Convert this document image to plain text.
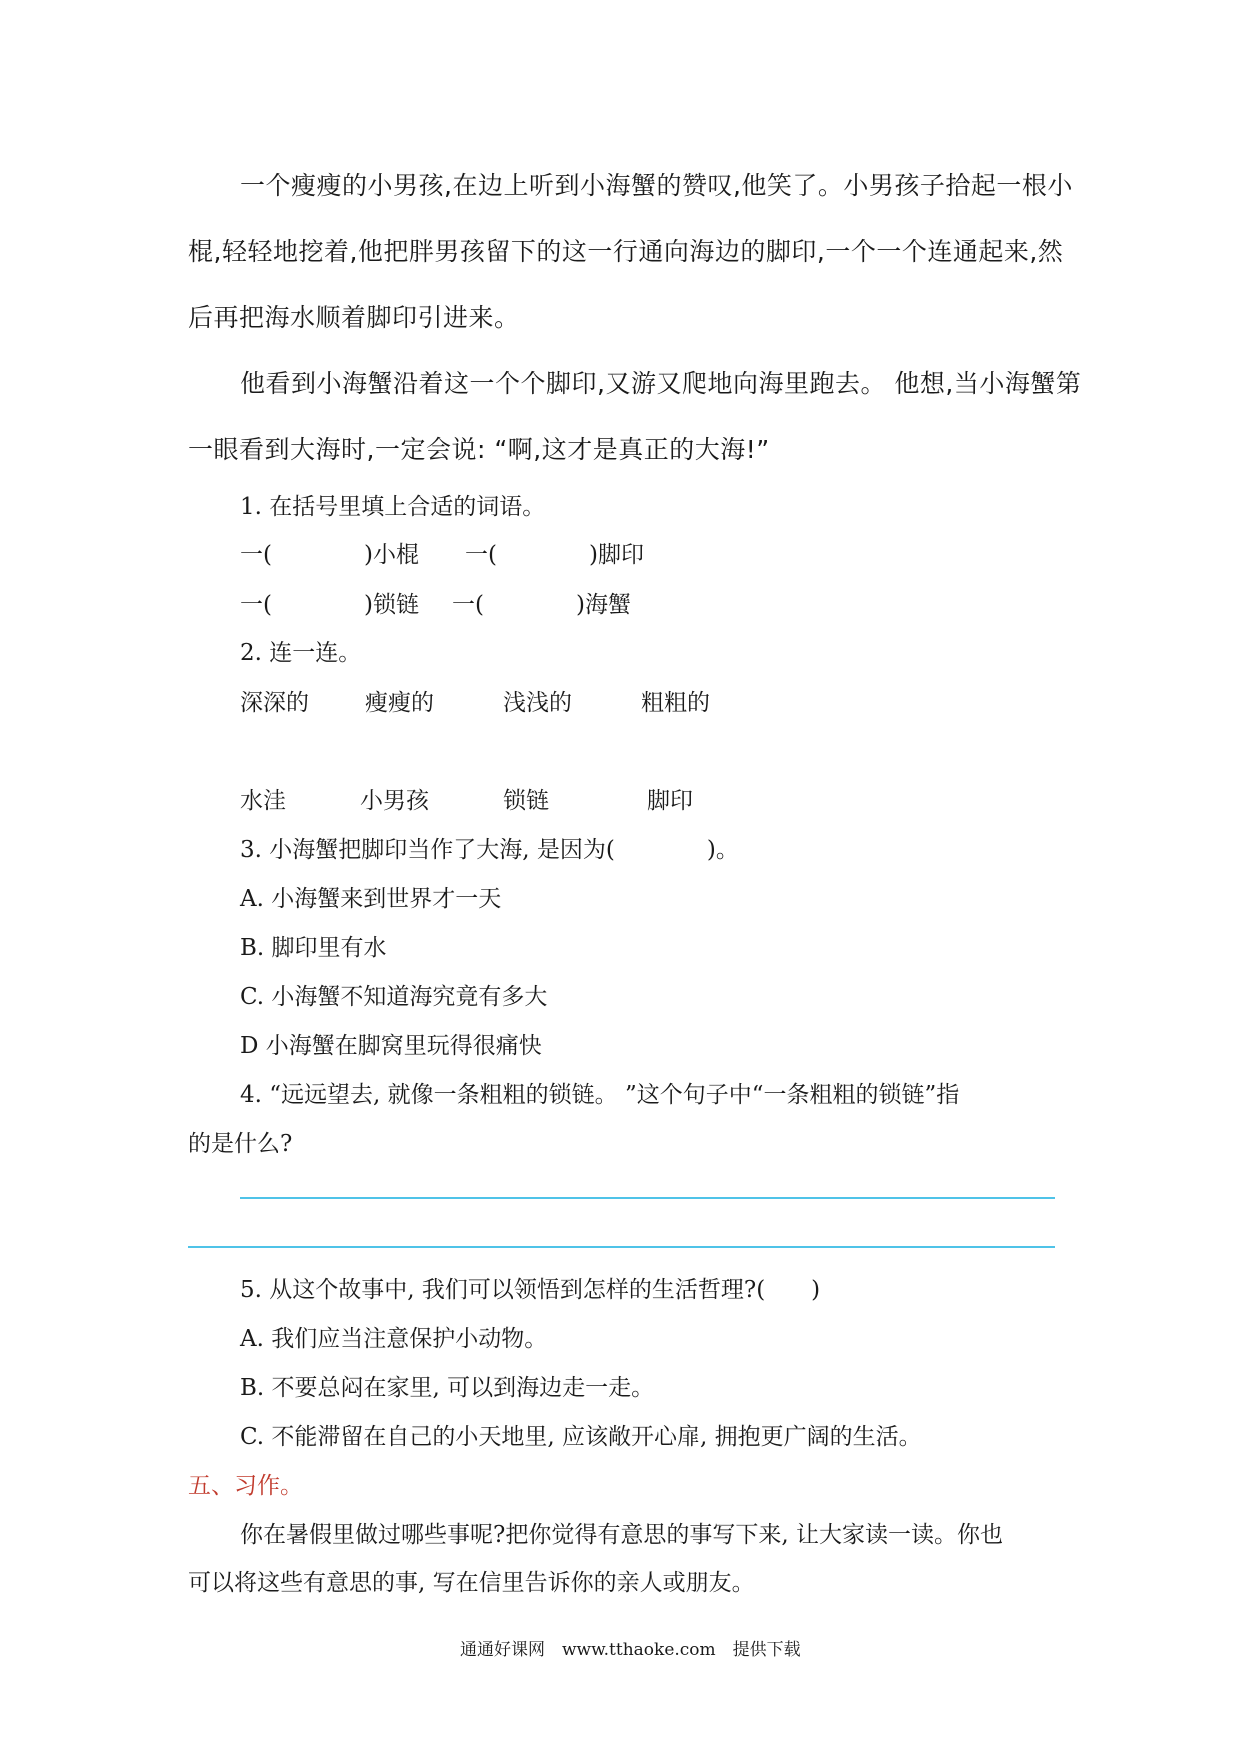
一个瘦瘦的小男孩,在边上听到小海蟹的赞叹,他笑了。小男孩子拾起一根小
棍,轻轻地挖着,他把胖男孩留下的这一行通向海边的脚印,一个一个连通起来,然
后再把海水顺着脚印引进来。
他看到小海蟹沿着这一个个脚印,又游又爬地向海里跑去。 他想,当小海蟹第
一眼看到大海时,一定会说: “啊,这才是真正的大海!”
1. 在括号里填上合适的词语。
一(　　　　)小棍 一(　　　　)脚印
一(　　　　)锁链 一(　　　　)海蟹
2. 连一连。
深深的 瘦瘦的	浅浅的	粗粗的
水洼	小男孩	锁链	脚印
3. 小海蟹把脚印当作了大海, 是因为(　　　　)。
A. 小海蟹来到世界才一天
B. 脚印里有水
C. 小海蟹不知道海究竟有多大
D 小海蟹在脚窝里玩得很痛快
4. “远远望去, 就像一条粗粗的锁链。 ”这个句子中“一条粗粗的锁链”指
的是什么?
5. 从这个故事中, 我们可以领悟到怎样的生活哲理?(　　)
A. 我们应当注意保护小动物。
B. 不要总闷在家里, 可以到海边走一走。
C. 不能滞留在自己的小天地里, 应该敞开心扉, 拥抱更广阔的生活。
五、习作。
你在暑假里做过哪些事呢?把你觉得有意思的事写下来, 让大家读一读。你也
可以将这些有意思的事, 写在信里告诉你的亲人或朋友。
通通好课网　www.tthaoke.com　提供下载
